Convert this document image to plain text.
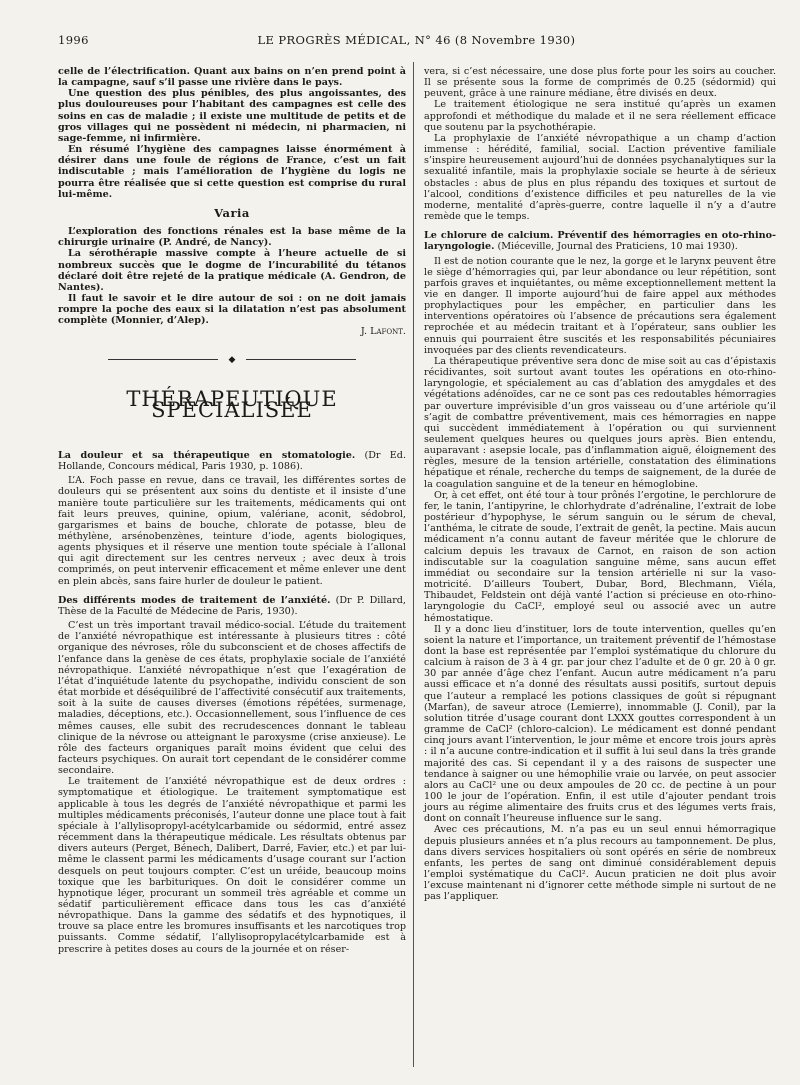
1996	LE PROGRÈS MÉDICAL, N° 46 (8 Novembre 1930)

celle de l’électrification. Quant aux bains on n’en prend point à la campagne, sauf s’il passe une rivière dans le pays.

Une question des plus pénibles, des plus angoissantes, des plus douloureuses pour l’habitant des campagnes est celle des soins en cas de maladie ; il existe une multitude de petits et de gros villages qui ne possèdent ni médecin, ni pharmacien, ni sage-femme, ni infirmière.

En résumé l’hygiène des campagnes laisse énormément à désirer dans une foule de régions de France, c’est un fait indiscutable ; mais l’amélioration de l’hygiène du logis ne pourra être réalisée que si cette question est comprise du rural lui-même.

Varia

L’exploration des fonctions rénales est la base même de la chirurgie urinaire (P. André, de Nancy).

La sérothérapie massive compte à l’heure actuelle de si nombreux succès que le dogme de l’incurabilité du tétanos déclaré doit être rejeté de la pratique médicale (A. Gendron, de Nantes).

Il faut le savoir et le dire autour de soi : on ne doit jamais rompre la poche des eaux si la dilatation n’est pas absolument complète (Monnier, d’Alep).

J. Lafont.
◆
THÉRAPEUTIQUE SPÉCIALISÉE

La douleur et sa thérapeutique en stomatologie. (Dr Ed. Hollande, Concours médical, Paris 1930, p. 1086).

L’A. Foch passe en revue, dans ce travail, les différentes sortes de douleurs qui se présentent aux soins du dentiste et il insiste d’une manière toute particulière sur les traitements, médicaments qui ont fait leurs preuves, quinine, opium, valériane, aconit, sédobrol, gargarismes et bains de bouche, chlorate de potasse, bleu de méthylène, arsénobenzènes, teinture d’iode, agents biologiques, agents physiques et il réserve une mention toute spéciale à l’allonal qui agit directement sur les centres nerveux ; avec deux à trois comprimés, on peut intervenir efficacement et même enlever une dent en plein abcès, sans faire hurler de douleur le patient.

Des différents modes de traitement de l’anxiété. (Dr P. Dillard, Thèse de la Faculté de Médecine de Paris, 1930).

C’est un très important travail médico-social. L’étude du traitement de l’anxiété névropathique est intéressante à plusieurs titres : côté organique des névroses, rôle du subconscient et de choses affectifs de l’enfance dans la genèse de ces états, prophylaxie sociale de l’anxiété névropathique. L’anxiété névropathique n’est que l’exagération de l’état d’inquiétude latente du psychopathe, individu conscient de son état morbide et déséquilibré de l’affectivité consécutif aux traitements, soit à la suite de causes diverses (émotions répétées, surmenage, maladies, déceptions, etc.). Occasionnellement, sous l’influence de ces mêmes causes, elle subit des recrudescences donnant le tableau clinique de la névrose ou atteignant le paroxysme (crise anxieuse). Le rôle des facteurs organiques paraît moins évident que celui des facteurs psychiques. On aurait tort cependant de le considérer comme secondaire.

Le traitement de l’anxiété névropathique est de deux ordres : symptomatique et étiologique. Le traitement symptomatique est applicable à tous les degrés de l’anxiété névropathique et parmi les multiples médicaments préconisés, l’auteur donne une place tout à fait spéciale à l’allylisopropyl-acétylcarbamide ou sédormid, entré assez récemment dans la thérapeutique médicale. Les résultats obtenus par divers auteurs (Perget, Bénech, Dalibert, Darré, Favier, etc.) et par lui-même le classent parmi les médicaments d’usage courant sur l’action desquels on peut toujours compter. C’est un uréide, beaucoup moins toxique que les barbituriques. On doit le considérer comme un hypnotique léger, procurant un sommeil très agréable et comme un sédatif particulièrement efficace dans tous les cas d’anxiété névropathique. Dans la gamme des sédatifs et des hypnotiques, il trouve sa place entre les bromures insuffisants et les narcotiques trop puissants. Comme sédatif, l’allylisopropylacétylcarbamide est à prescrire à petites doses au cours de la journée et on réser-

vera, si c’est nécessaire, une dose plus forte pour les soirs au coucher. Il se présente sous la forme de comprimés de 0.25 (sédormid) qui peuvent, grâce à une rainure médiane, être divisés en deux.

Le traitement étiologique ne sera institué qu’après un examen approfondi et méthodique du malade et il ne sera réellement efficace que soutenu par la psychothérapie.

La prophylaxie de l’anxiété névropathique a un champ d’action immense : hérédité, familial, social. L’action préventive familiale s’inspire heureusement aujourd’hui de données psychanalytiques sur la sexualité infantile, mais la prophylaxie sociale se heurte à de sérieux obstacles : abus de plus en plus répandu des toxiques et surtout de l’alcool, conditions d’existence difficiles et peu naturelles de la vie moderne, mentalité d’après-guerre, contre laquelle il n’y a d’autre remède que le temps.

Le chlorure de calcium. Préventif des hémorragies en oto-rhino-laryngologie. (Miéceville, Journal des Praticiens, 10 mai 1930).

Il est de notion courante que le nez, la gorge et le larynx peuvent être le siège d’hémorragies qui, par leur abondance ou leur répétition, sont parfois graves et inquiétantes, ou même exceptionnellement mettent la vie en danger. Il importe aujourd’hui de faire appel aux méthodes prophylactiques pour les empêcher, en particulier dans les interventions opératoires où l’absence de précautions sera également reprochée et au médecin traitant et à l’opérateur, sans oublier les ennuis qui pourraient être suscités et les responsabilités pécuniaires invoquées par des clients revendicateurs.

La thérapeutique préventive sera donc de mise soit au cas d’épistaxis récidivantes, soit surtout avant toutes les opérations en oto-rhino-laryngologie, et spécialement au cas d’ablation des amygdales et des végétations adénoïdes, car ne ce sont pas ces redoutables hémorragies par ouverture imprévisible d’un gros vaisseau ou d’une artériole qu’il s’agit de combattre préventivement, mais ces hémorragies en nappe qui succèdent immédiatement à l’opération ou qui surviennent seulement quelques heures ou quelques jours après. Bien entendu, auparavant : asepsie locale, pas d’inflammation aiguë, éloignement des règles, mesure de la tension artérielle, constatation des éliminations hépatique et rénale, recherche du temps de saignement, de la durée de la coagulation sanguine et de la teneur en hémoglobine.

Or, à cet effet, ont été tour à tour prônés l’ergotine, le perchlorure de fer, le tanin, l’antipyrine, le chlorhydrate d’adrénaline, l’extrait de lobe postérieur d’hypophyse, le sérum sanguin ou le sérum de cheval, l’anthéma, le citrate de soude, l’extrait de genêt, la pectine. Mais aucun médicament n’a connu autant de faveur méritée que le chlorure de calcium depuis les travaux de Carnot, en raison de son action indiscutable sur la coagulation sanguine même, sans aucun effet immédiat ou secondaire sur la tension artérielle ni sur la vaso-motricité. D’ailleurs Toubert, Dubar, Bord, Blechmann, Viéla, Thibaudet, Feldstein ont déjà vanté l’action si précieuse en oto-rhino-laryngologie du CaCl², employé seul ou associé avec un autre hémostatique.

Il y a donc lieu d’instituer, lors de toute intervention, quelles qu’en soient la nature et l’importance, un traitement préventif de l’hémostase dont la base est représentée par l’emploi systématique du chlorure du calcium à raison de 3 à 4 gr. par jour chez l’adulte et de 0 gr. 20 à 0 gr. 30 par année d’âge chez l’enfant. Aucun autre médicament n’a paru aussi efficace et n’a donné des résultats aussi positifs, surtout depuis que l’auteur a remplacé les potions classiques de goût si répugnant (Marfan), de saveur atroce (Lemierre), innommable (J. Conil), par la solution titrée d’usage courant dont LXXX gouttes correspondent à un gramme de CaCl² (chloro-calcion). Le médicament est donné pendant cinq jours avant l’intervention, le jour même et encore trois jours après : il n’a aucune contre-indication et il suffit à lui seul dans la très grande majorité des cas. Si cependant il y a des raisons de suspecter une tendance à saigner ou une hémophilie vraie ou larvée, on peut associer alors au CaCl² une ou deux ampoules de 20 cc. de pectine à un pour 100 le jour de l’opération. Enfin, il est utile d’ajouter pendant trois jours au régime alimentaire des fruits crus et des légumes verts frais, dont on connaît l’heureuse influence sur le sang.

Avec ces précautions, M. n’a pas eu un seul ennui hémorragique depuis plusieurs années et n’a plus recours au tamponnement. De plus, dans divers services hospitaliers où sont opérés en série de nombreux enfants, les pertes de sang ont diminué considérablement depuis l’emploi systématique du CaCl². Aucun praticien ne doit plus avoir l’excuse maintenant ni d’ignorer cette méthode simple ni surtout de ne pas l’appliquer.
